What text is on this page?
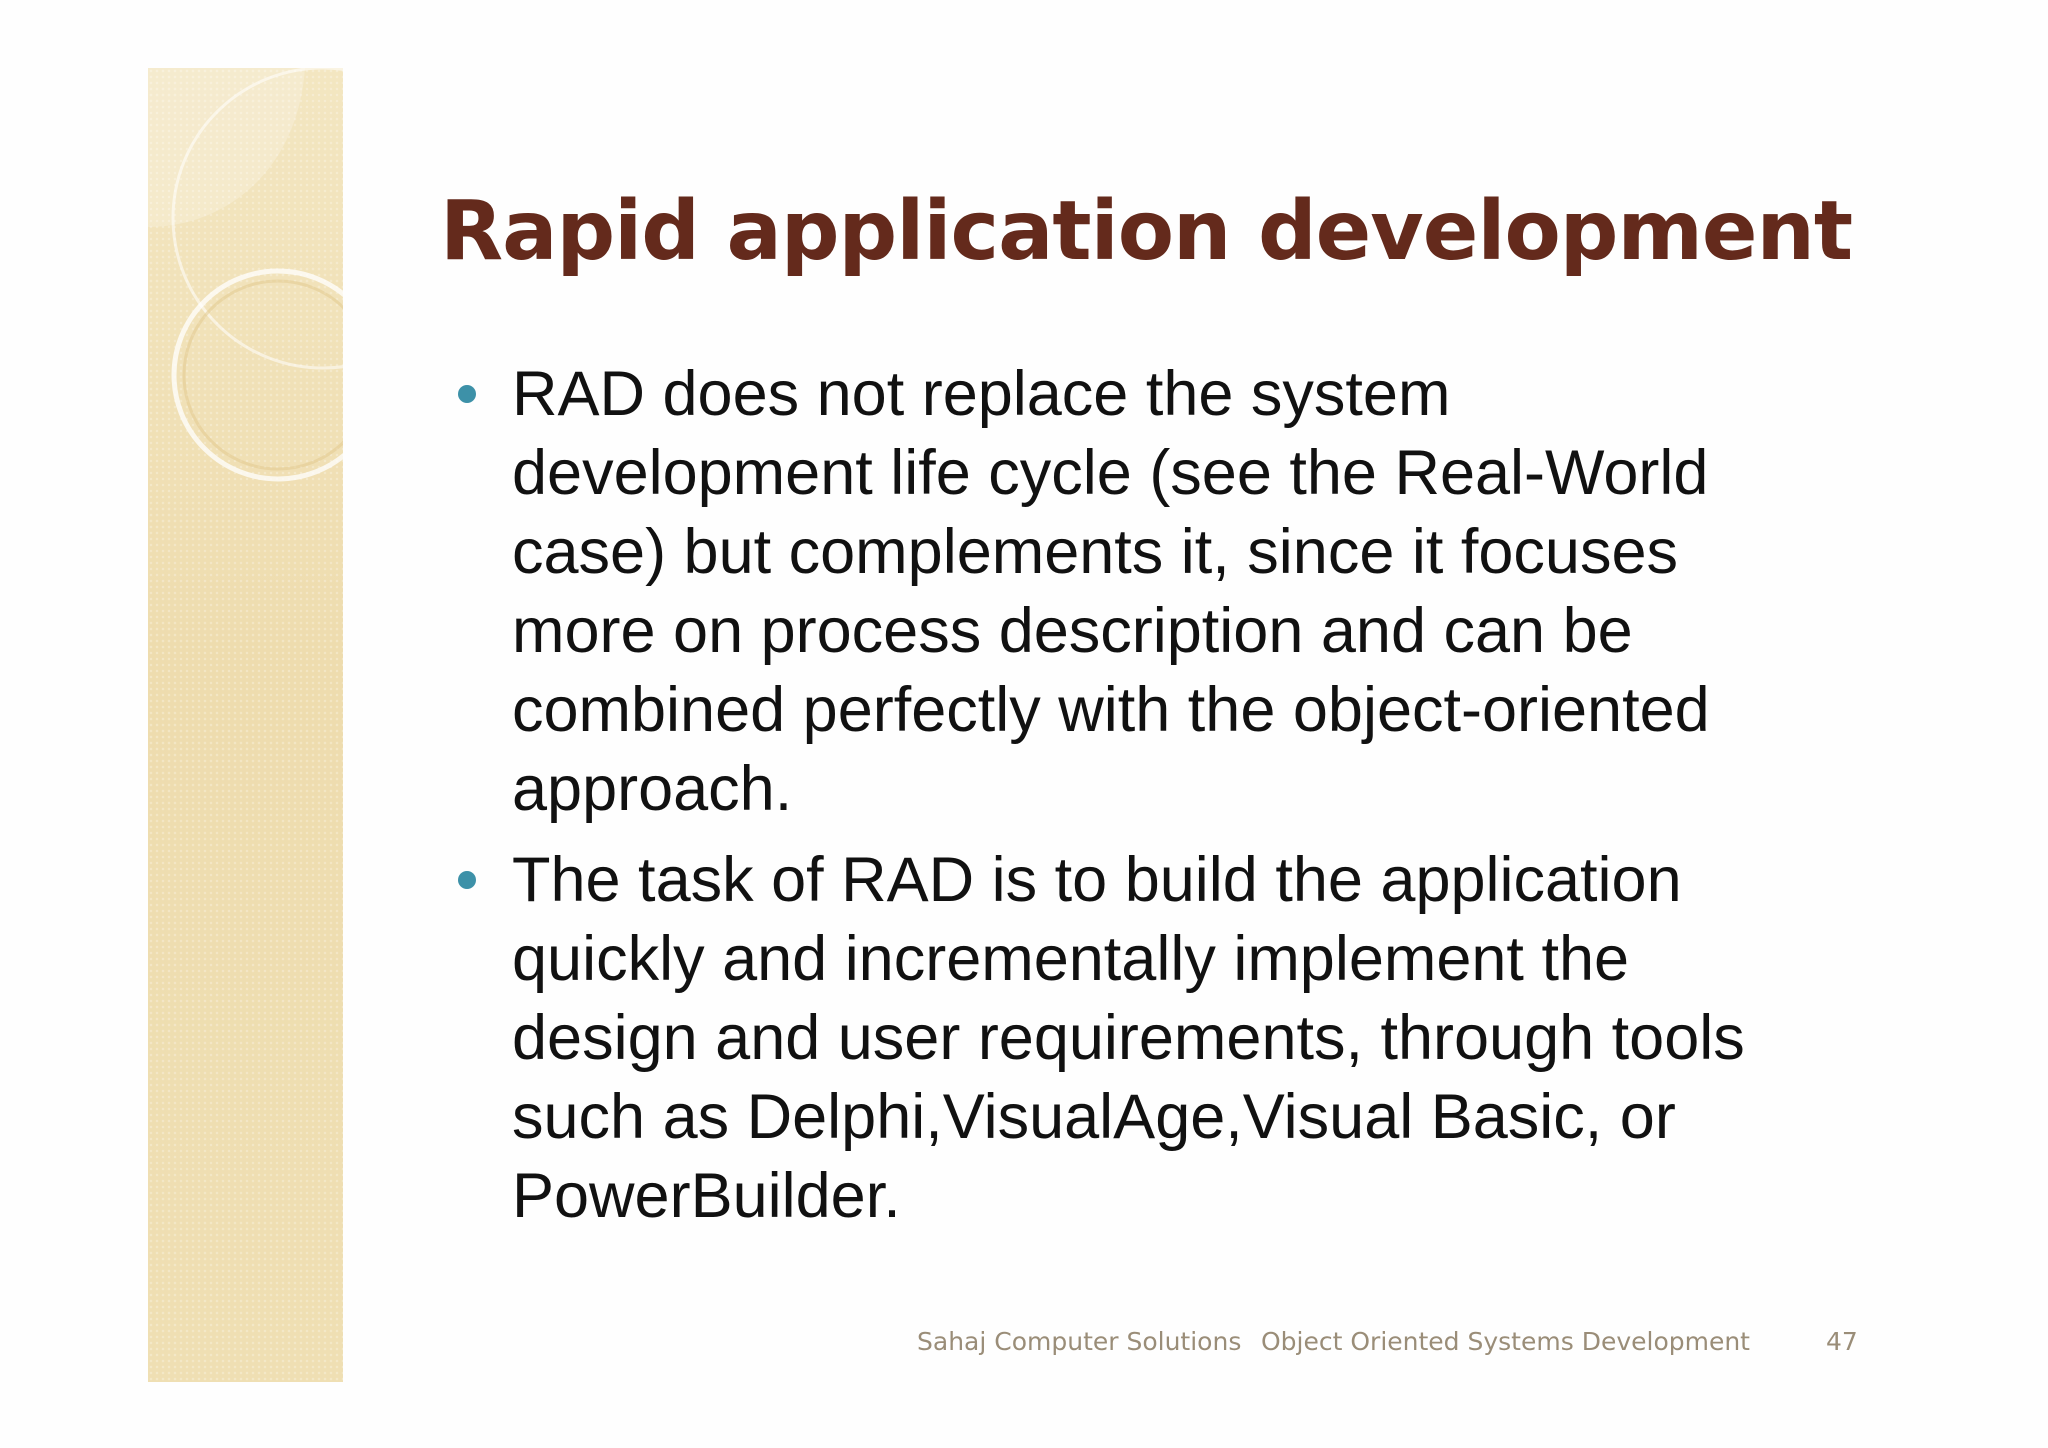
Rapid application development

RAD does not replace the system
development life cycle (see the Real-World
case) but complements it, since it focuses
more on process description and can be
combined perfectly with the object-oriented
approach.

The task of RAD is to build the application
quickly and incrementally implement the
design and user requirements, through tools
such as Delphi,VisualAge,Visual Basic, or
PowerBuilder.

Sahaj Computer Solutions Object Oriented Systems Development	47
